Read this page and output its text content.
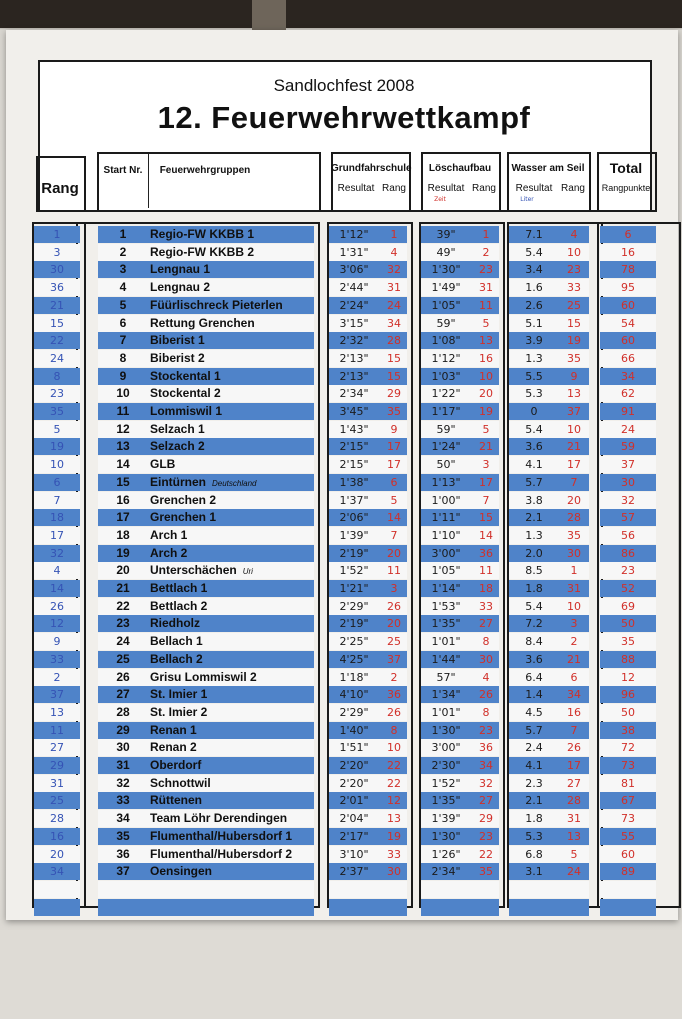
Sandlochfest 2008
12. Feuerwehrwettkampf
Rang
Start Nr.	Feuerwehrgruppen	Grundfahrschule
Resultat Rang
Löschaufbau
Resultat Rang
Zeit
Wasser am Seil
Resultat Rang
Liter
Total
Rangpunkte
1	1	Regio-FW KKBB 1	1'12"	1	39"	1	7.1	4	6
3	2	Regio-FW KKBB 2	1'31"	4	49"	2	5.4	10	16
30	3	Lengnau 1	3'06"	32	1'30"	23	3.4	23	78
36	4	Lengnau 2	2'44"	31	1'49"	31	1.6	33	95
21	5	Füürlischreck Pieterlen	2'24"	24	1'05"	11	2.6	25	60
15	6	Rettung Grenchen	3'15"	34	59"	5	5.1	15	54
22	7	Biberist 1	2'32"	28	1'08"	13	3.9	19	60
24	8	Biberist 2	2'13"	15	1'12"	16	1.3	35	66
8	9	Stockental 1	2'13"	15	1'03"	10	5.5	9	34
23	10	Stockental 2	2'34"	29	1'22"	20	5.3	13	62
35	11	Lommiswil 1	3'45"	35	1'17"	19	0	37	91
5	12	Selzach 1	1'43"	9	59"	5	5.4	10	24
19	13	Selzach 2	2'15"	17	1'24"	21	3.6	21	59
10	14	GLB	2'15"	17	50"	3	4.1	17	37
6	15	Eintürnen Deutschland	1'38"	6	1'13"	17	5.7	7	30
7	16	Grenchen 2	1'37"	5	1'00"	7	3.8	20	32
18	17	Grenchen 1	2'06"	14	1'11"	15	2.1	28	57
17	18	Arch 1	1'39"	7	1'10"	14	1.3	35	56
32	19	Arch 2	2'19"	20	3'00"	36	2.0	30	86
4	20	Unterschächen Uri	1'52"	11	1'05"	11	8.5	1	23
14	21	Bettlach 1	1'21"	3	1'14"	18	1.8	31	52
26	22	Bettlach 2	2'29"	26	1'53"	33	5.4	10	69
12	23	Riedholz	2'19"	20	1'35"	27	7.2	3	50
9	24	Bellach 1	2'25"	25	1'01"	8	8.4	2	35
33	25	Bellach 2	4'25"	37	1'44"	30	3.6	21	88
2	26	Grisu Lommiswil 2	1'18"	2	57"	4	6.4	6	12
37	27	St. Imier 1	4'10"	36	1'34"	26	1.4	34	96
13	28	St. Imier 2	2'29"	26	1'01"	8	4.5	16	50
11	29	Renan 1	1'40"	8	1'30"	23	5.7	7	38
27	30	Renan 2	1'51"	10	3'00"	36	2.4	26	72
29	31	Oberdorf	2'20"	22	2'30"	34	4.1	17	73
31	32	Schnottwil	2'20"	22	1'52"	32	2.3	27	81
25	33	Rüttenen	2'01"	12	1'35"	27	2.1	28	67
28	34	Team Löhr Derendingen	2'04"	13	1'39"	29	1.8	31	73
16	35	Flumenthal/Hubersdorf 1	2'17"	19	1'30"	23	5.3	13	55
20	36	Flumenthal/Hubersdorf 2	3'10"	33	1'26"	22	6.8	5	60
34	37	Oensingen	2'37"	30	2'34"	35	3.1	24	89
